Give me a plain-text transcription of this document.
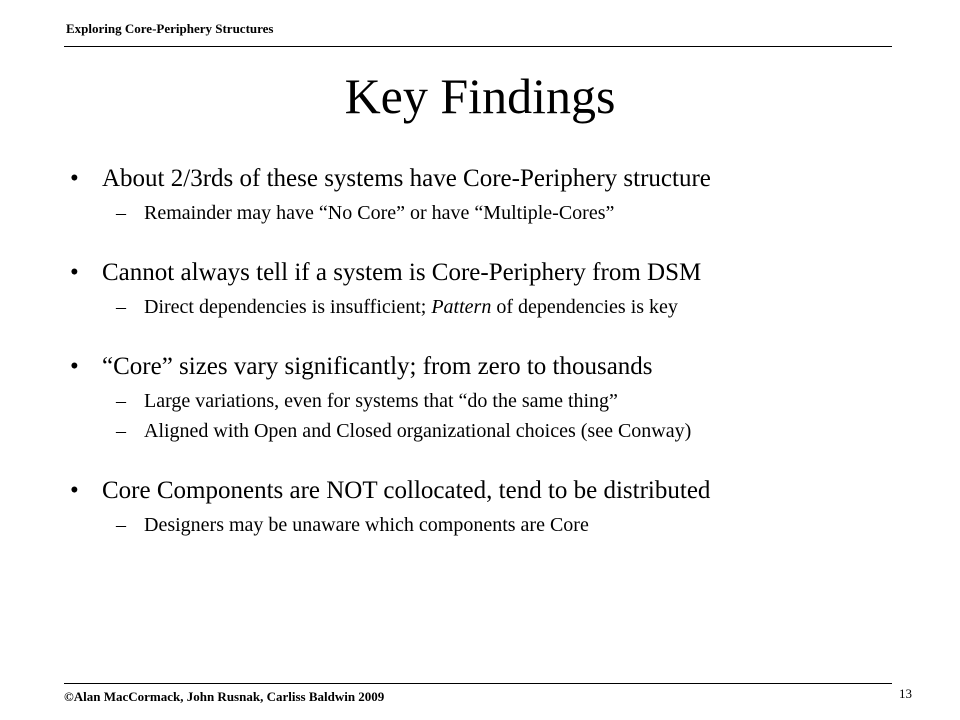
Exploring Core-Periphery Structures
Key Findings
• About 2/3rds of these systems have Core-Periphery structure
– Remainder may have “No Core” or have “Multiple-Cores”
• Cannot always tell if a system is Core-Periphery from DSM
– Direct dependencies is insufficient; Pattern of dependencies is key
• “Core” sizes vary significantly; from zero to thousands
– Large variations, even for systems that “do the same thing”
– Aligned with Open and Closed organizational choices (see Conway)
• Core Components are NOT collocated, tend to be distributed
– Designers may be unaware which components are Core
©Alan MacCormack, John Rusnak, Carliss Baldwin 2009	13
